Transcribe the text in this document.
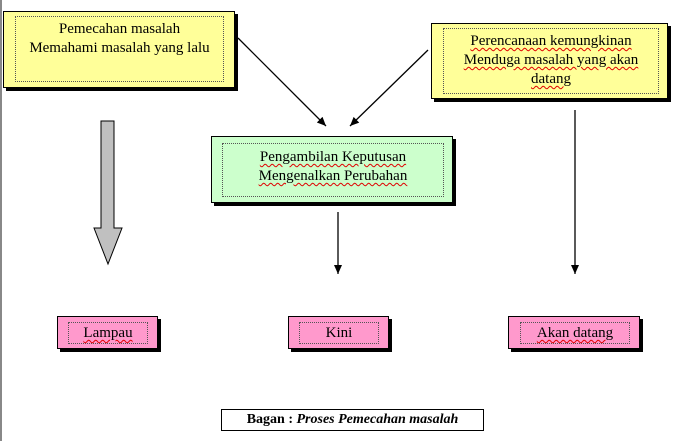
Pemecahan masalah
Memahami masalah yang lalu	Perencanaan kemungkinan
Menduga masalah yang akan
datang
Pengambilan Keputusan
Mengenalkan Perubahan
Lampau	Kini	Akan datang
Bagan : Proses Pemecahan masalah
